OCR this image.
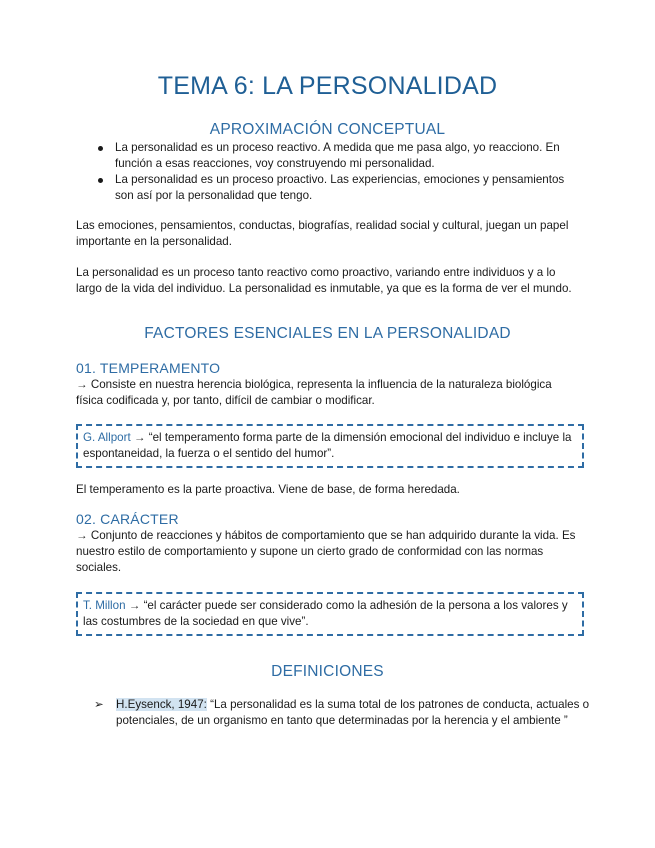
TEMA 6: LA PERSONALIDAD
APROXIMACIÓN CONCEPTUAL
La personalidad es un proceso reactivo. A medida que me pasa algo, yo reacciono. En función a esas reacciones, voy construyendo mi personalidad.
La personalidad es un proceso proactivo. Las experiencias, emociones y pensamientos son así por la personalidad que tengo.

Las emociones, pensamientos, conductas, biografías, realidad social y cultural, juegan un papel importante en la personalidad.

La personalidad es un proceso tanto reactivo como proactivo, variando entre individuos y a lo largo de la vida del individuo. La personalidad es inmutable, ya que es la forma de ver el mundo.

FACTORES ESENCIALES EN LA PERSONALIDAD
01. TEMPERAMENTO

→ Consiste en nuestra herencia biológica, representa la influencia de la naturaleza biológica física codificada y, por tanto, difícil de cambiar o modificar.

G. Allport → “el temperamento forma parte de la dimensión emocional del individuo e incluye la espontaneidad, la fuerza o el sentido del humor”.

El temperamento es la parte proactiva. Viene de base, de forma heredada.

02. CARÁCTER

→ Conjunto de reacciones y hábitos de comportamiento que se han adquirido durante la vida. Es nuestro estilo de comportamiento y supone un cierto grado de conformidad con las normas sociales.

T. Millon → “el carácter puede ser considerado como la adhesión de la persona a los valores y las costumbres de la sociedad en que vive”.
DEFINICIONES
➢ H.Eysenck, 1947: “La personalidad es la suma total de los patrones de conducta, actuales o potenciales, de un organismo en tanto que determinadas por la herencia y el ambiente ”
